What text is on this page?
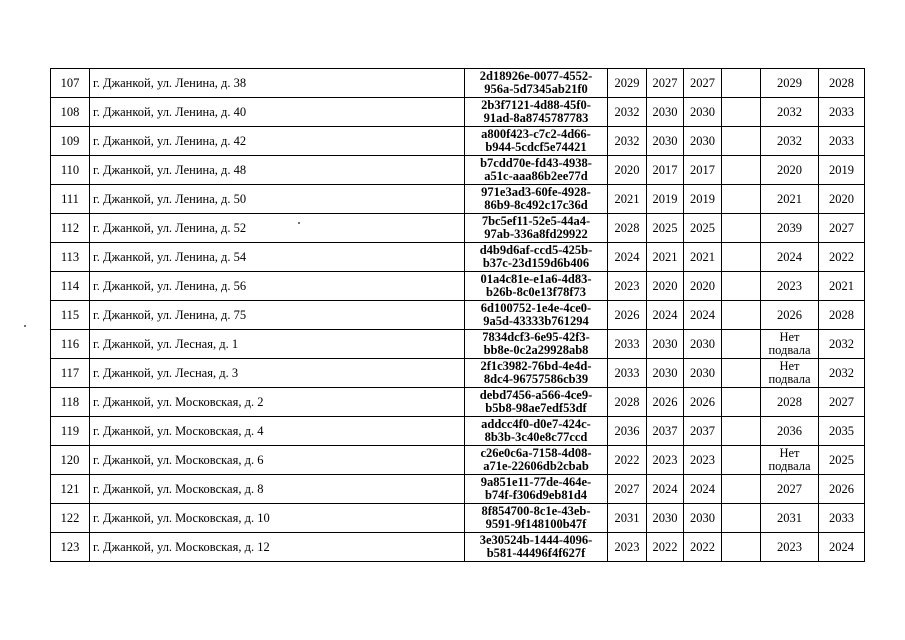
107	г. Джанкой, ул. Ленина, д. 38	2d18926e-0077-4552-
956a-5d7345ab21f0	2029	2027	2027		2029	2028
108	г. Джанкой, ул. Ленина, д. 40	2b3f7121-4d88-45f0-
91ad-8a8745787783	2032	2030	2030		2032	2033
109	г. Джанкой, ул. Ленина, д. 42	a800f423-c7c2-4d66-
b944-5cdcf5e74421	2032	2030	2030		2032	2033
110	г. Джанкой, ул. Ленина, д. 48	b7cdd70e-fd43-4938-
a51c-aaa86b2ee77d	2020	2017	2017		2020	2019
111	г. Джанкой, ул. Ленина, д. 50	971e3ad3-60fe-4928-
86b9-8c492c17c36d	2021	2019	2019		2021	2020
112	г. Джанкой, ул. Ленина, д. 52	7bc5ef11-52e5-44a4-
97ab-336a8fd29922	2028	2025	2025		2039	2027
113	г. Джанкой, ул. Ленина, д. 54	d4b9d6af-ccd5-425b-
b37c-23d159d6b406	2024	2021	2021		2024	2022
114	г. Джанкой, ул. Ленина, д. 56	01a4c81e-e1a6-4d83-
b26b-8c0e13f78f73	2023	2020	2020		2023	2021
115	г. Джанкой, ул. Ленина, д. 75	6d100752-1e4e-4ce0-
9a5d-43333b761294	2026	2024	2024		2026	2028
116	г. Джанкой, ул. Лесная, д. 1	7834dcf3-6e95-42f3-
bb8e-0c2a29928ab8	2033	2030	2030		Нет подвала	2032
117	г. Джанкой, ул. Лесная, д. 3	2f1c3982-76bd-4e4d-
8dc4-96757586cb39	2033	2030	2030		Нет подвала	2032
118	г. Джанкой, ул. Московская, д. 2	debd7456-a566-4ce9-
b5b8-98ae7edf53df	2028	2026	2026		2028	2027
119	г. Джанкой, ул. Московская, д. 4	addcc4f0-d0e7-424c-
8b3b-3c40e8c77ccd	2036	2037	2037		2036	2035
120	г. Джанкой, ул. Московская, д. 6	c26e0c6a-7158-4d08-
a71e-22606db2cbab	2022	2023	2023		Нет подвала	2025
121	г. Джанкой, ул. Московская, д. 8	9a851e11-77de-464e-
b74f-f306d9eb81d4	2027	2024	2024		2027	2026
122	г. Джанкой, ул. Московская, д. 10	8f854700-8c1e-43eb-
9591-9f148100b47f	2031	2030	2030		2031	2033
123	г. Джанкой, ул. Московская, д. 12	3e30524b-1444-4096-
b581-44496f4f627f	2023	2022	2022		2023	2024
